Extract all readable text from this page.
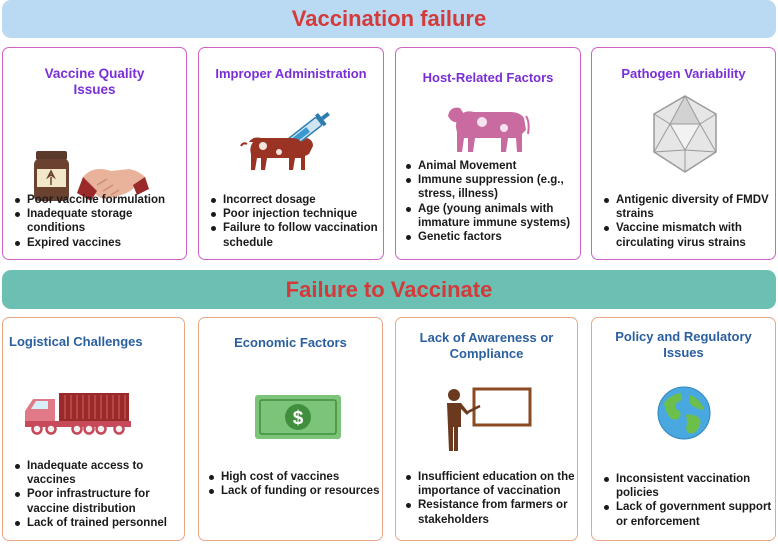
Vaccination failure
Vaccine Quality Issues
Poor vaccine formulation
Inadequate storage conditions
Expired vaccines
Improper Administration
Incorrect dosage
Poor injection technique
Failure to follow vaccination schedule
Host-Related Factors
Animal Movement
Immune suppression (e.g., stress, illness)
Age (young animals with immature immune systems)
Genetic factors
Pathogen Variability
Antigenic diversity of FMDV strains
Vaccine mismatch with circulating virus strains
Failure to Vaccinate
Logistical Challenges
Inadequate access to vaccines
Poor infrastructure for vaccine distribution
Lack of trained personnel
Economic Factors
$
High cost of vaccines
Lack of funding or resources
Lack of Awareness or Compliance
Insufficient education on the importance of vaccination
Resistance from farmers or stakeholders
Policy and Regulatory Issues
Inconsistent vaccination policies
Lack of government support or enforcement
